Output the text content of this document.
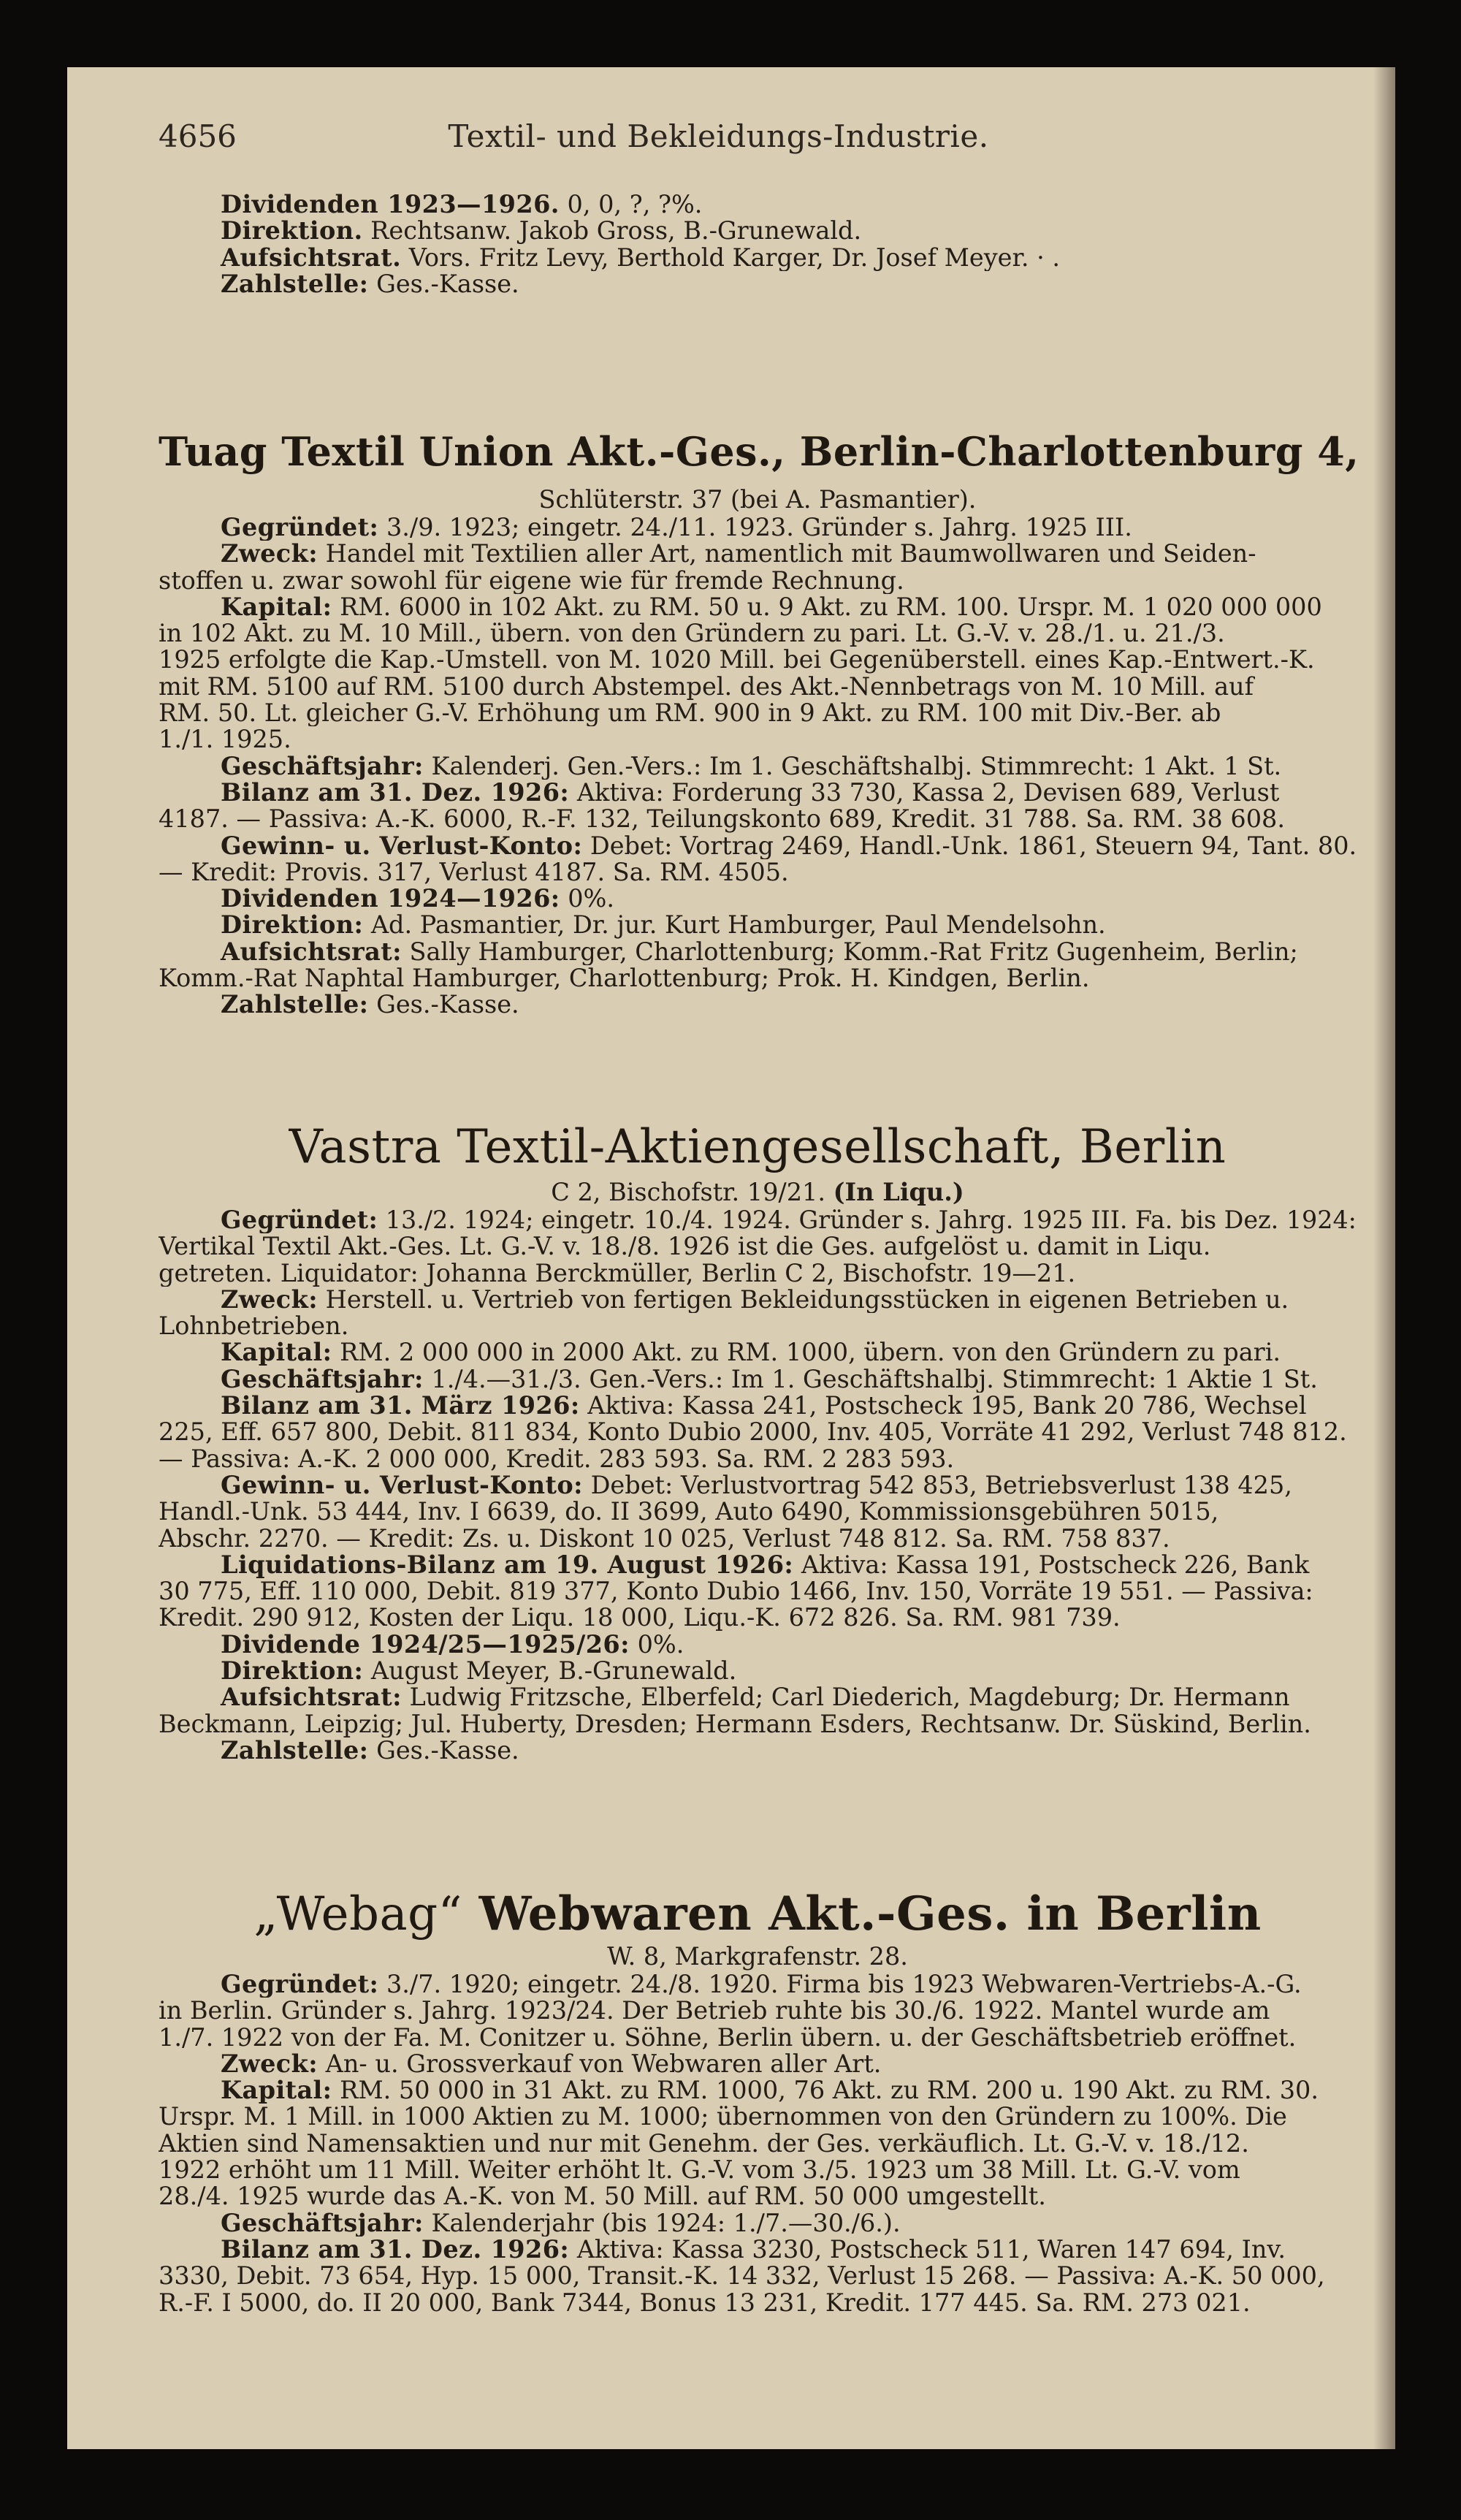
4656	Textil- und Bekleidungs-Industrie.
Dividenden 1923—1926. 0, 0, ?, ?%.
Direktion. Rechtsanw. Jakob Gross, B.-Grunewald.
Aufsichtsrat. Vors. Fritz Levy, Berthold Karger, Dr. Josef Meyer. · .
Zahlstelle: Ges.-Kasse.
Tuag Textil Union Akt.-Ges., Berlin-Charlottenburg 4,
Schlüterstr. 37 (bei A. Pasmantier).
Gegründet: 3./9. 1923; eingetr. 24./11. 1923. Gründer s. Jahrg. 1925 III.
Zweck: Handel mit Textilien aller Art, namentlich mit Baumwollwaren und Seiden-
stoffen u. zwar sowohl für eigene wie für fremde Rechnung.
Kapital: RM. 6000 in 102 Akt. zu RM. 50 u. 9 Akt. zu RM. 100. Urspr. M. 1 020 000 000
in 102 Akt. zu M. 10 Mill., übern. von den Gründern zu pari. Lt. G.-V. v. 28./1. u. 21./3.
1925 erfolgte die Kap.-Umstell. von M. 1020 Mill. bei Gegenüberstell. eines Kap.-Entwert.-K.
mit RM. 5100 auf RM. 5100 durch Abstempel. des Akt.-Nennbetrags von M. 10 Mill. auf
RM. 50. Lt. gleicher G.-V. Erhöhung um RM. 900 in 9 Akt. zu RM. 100 mit Div.-Ber. ab
1./1. 1925.
Geschäftsjahr: Kalenderj. Gen.-Vers.: Im 1. Geschäftshalbj. Stimmrecht: 1 Akt. 1 St.
Bilanz am 31. Dez. 1926: Aktiva: Forderung 33 730, Kassa 2, Devisen 689, Verlust
4187. — Passiva: A.-K. 6000, R.-F. 132, Teilungskonto 689, Kredit. 31 788. Sa. RM. 38 608.
Gewinn- u. Verlust-Konto: Debet: Vortrag 2469, Handl.-Unk. 1861, Steuern 94, Tant. 80.
— Kredit: Provis. 317, Verlust 4187. Sa. RM. 4505.
Dividenden 1924—1926: 0%.
Direktion: Ad. Pasmantier, Dr. jur. Kurt Hamburger, Paul Mendelsohn.
Aufsichtsrat: Sally Hamburger, Charlottenburg; Komm.-Rat Fritz Gugenheim, Berlin;
Komm.-Rat Naphtal Hamburger, Charlottenburg; Prok. H. Kindgen, Berlin.
Zahlstelle: Ges.-Kasse.
Vastra Textil-Aktiengesellschaft, Berlin
C 2, Bischofstr. 19/21. (In Liqu.)
Gegründet: 13./2. 1924; eingetr. 10./4. 1924. Gründer s. Jahrg. 1925 III. Fa. bis Dez. 1924:
Vertikal Textil Akt.-Ges. Lt. G.-V. v. 18./8. 1926 ist die Ges. aufgelöst u. damit in Liqu.
getreten. Liquidator: Johanna Berckmüller, Berlin C 2, Bischofstr. 19—21.
Zweck: Herstell. u. Vertrieb von fertigen Bekleidungsstücken in eigenen Betrieben u.
Lohnbetrieben.
Kapital: RM. 2 000 000 in 2000 Akt. zu RM. 1000, übern. von den Gründern zu pari.
Geschäftsjahr: 1./4.—31./3. Gen.-Vers.: Im 1. Geschäftshalbj. Stimmrecht: 1 Aktie 1 St.
Bilanz am 31. März 1926: Aktiva: Kassa 241, Postscheck 195, Bank 20 786, Wechsel
225, Eff. 657 800, Debit. 811 834, Konto Dubio 2000, Inv. 405, Vorräte 41 292, Verlust 748 812.
— Passiva: A.-K. 2 000 000, Kredit. 283 593. Sa. RM. 2 283 593.
Gewinn- u. Verlust-Konto: Debet: Verlustvortrag 542 853, Betriebsverlust 138 425,
Handl.-Unk. 53 444, Inv. I 6639, do. II 3699, Auto 6490, Kommissionsgebühren 5015,
Abschr. 2270. — Kredit: Zs. u. Diskont 10 025, Verlust 748 812. Sa. RM. 758 837.
Liquidations-Bilanz am 19. August 1926: Aktiva: Kassa 191, Postscheck 226, Bank
30 775, Eff. 110 000, Debit. 819 377, Konto Dubio 1466, Inv. 150, Vorräte 19 551. — Passiva:
Kredit. 290 912, Kosten der Liqu. 18 000, Liqu.-K. 672 826. Sa. RM. 981 739.
Dividende 1924/25—1925/26: 0%.
Direktion: August Meyer, B.-Grunewald.
Aufsichtsrat: Ludwig Fritzsche, Elberfeld; Carl Diederich, Magdeburg; Dr. Hermann
Beckmann, Leipzig; Jul. Huberty, Dresden; Hermann Esders, Rechtsanw. Dr. Süskind, Berlin.
Zahlstelle: Ges.-Kasse.
„Webag“ Webwaren Akt.-Ges. in Berlin
W. 8, Markgrafenstr. 28.
Gegründet: 3./7. 1920; eingetr. 24./8. 1920. Firma bis 1923 Webwaren-Vertriebs-A.-G.
in Berlin. Gründer s. Jahrg. 1923/24. Der Betrieb ruhte bis 30./6. 1922. Mantel wurde am
1./7. 1922 von der Fa. M. Conitzer u. Söhne, Berlin übern. u. der Geschäftsbetrieb eröffnet.
Zweck: An- u. Grossverkauf von Webwaren aller Art.
Kapital: RM. 50 000 in 31 Akt. zu RM. 1000, 76 Akt. zu RM. 200 u. 190 Akt. zu RM. 30.
Urspr. M. 1 Mill. in 1000 Aktien zu M. 1000; übernommen von den Gründern zu 100%. Die
Aktien sind Namensaktien und nur mit Genehm. der Ges. verkäuflich. Lt. G.-V. v. 18./12.
1922 erhöht um 11 Mill. Weiter erhöht lt. G.-V. vom 3./5. 1923 um 38 Mill. Lt. G.-V. vom
28./4. 1925 wurde das A.-K. von M. 50 Mill. auf RM. 50 000 umgestellt.
Geschäftsjahr: Kalenderjahr (bis 1924: 1./7.—30./6.).
Bilanz am 31. Dez. 1926: Aktiva: Kassa 3230, Postscheck 511, Waren 147 694, Inv.
3330, Debit. 73 654, Hyp. 15 000, Transit.-K. 14 332, Verlust 15 268. — Passiva: A.-K. 50 000,
R.-F. I 5000, do. II 20 000, Bank 7344, Bonus 13 231, Kredit. 177 445. Sa. RM. 273 021.
